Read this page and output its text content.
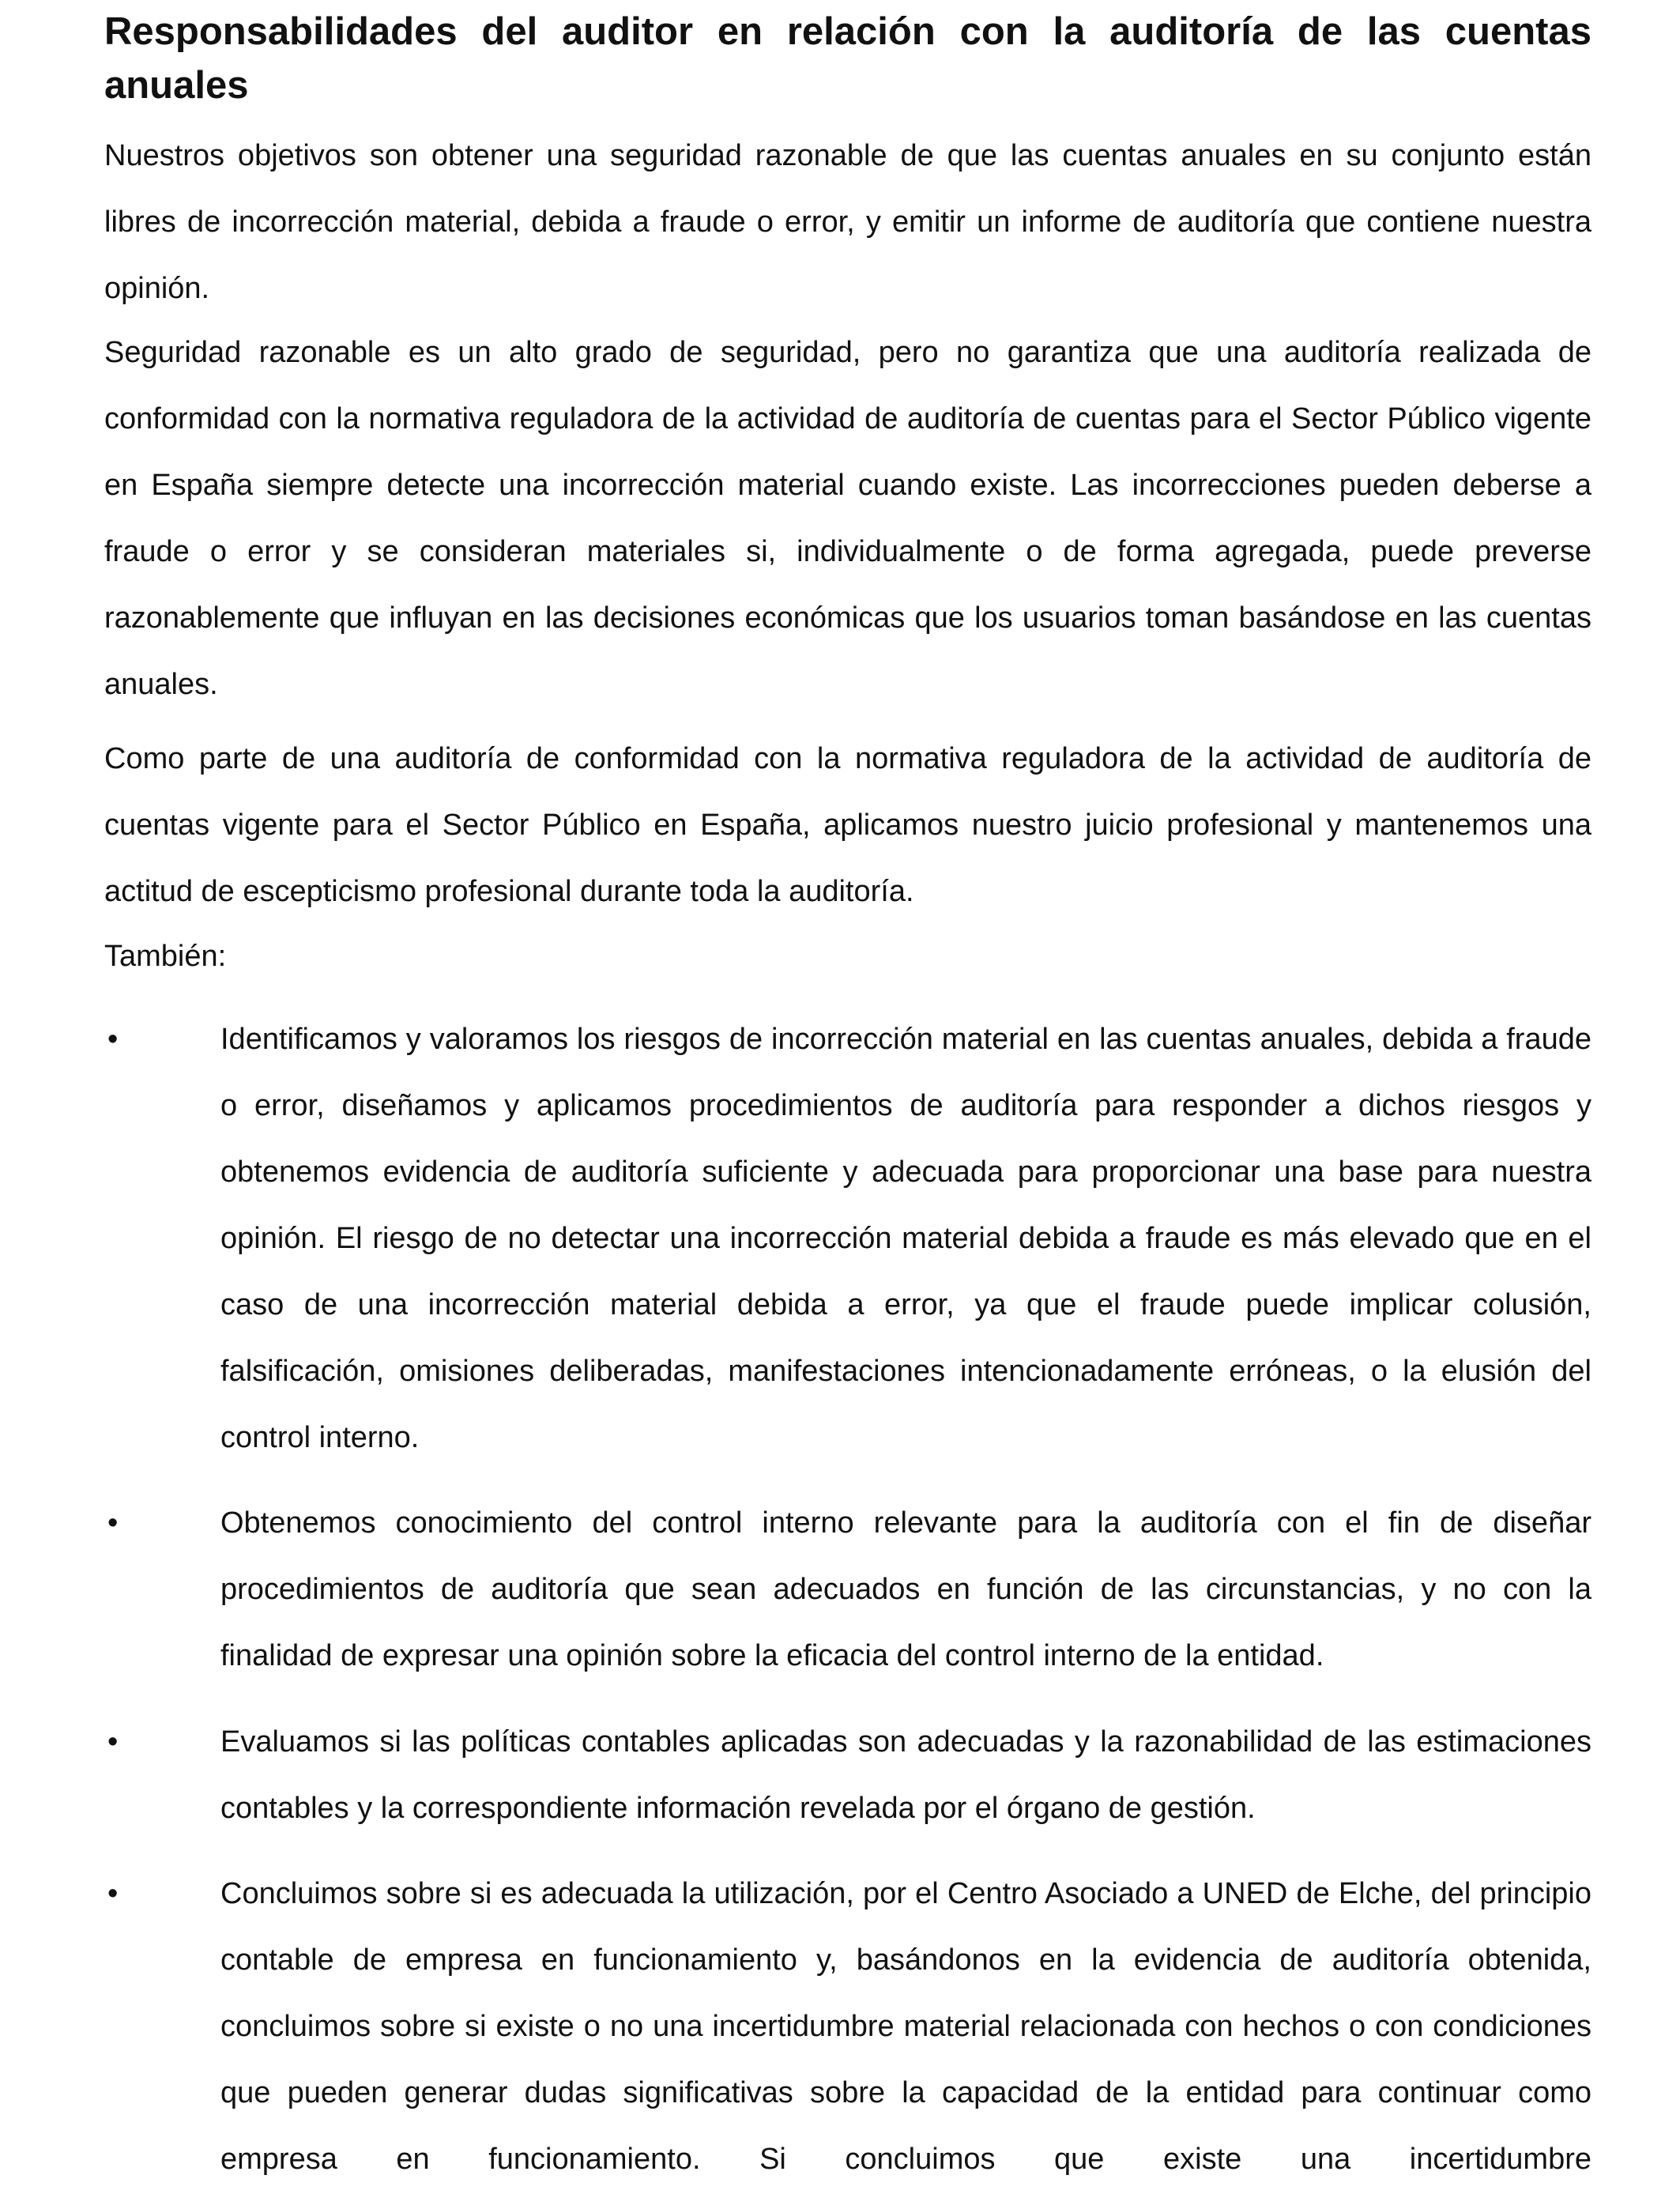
Responsabilidades del auditor en relación con la auditoría de las cuentas anuales

Nuestros objetivos son obtener una seguridad razonable de que las cuentas anuales en su conjunto están libres de incorrección material, debida a fraude o error, y emitir un informe de auditoría que contiene nuestra opinión.

Seguridad razonable es un alto grado de seguridad, pero no garantiza que una auditoría realizada de conformidad con la normativa reguladora de la actividad de auditoría de cuentas para el Sector Público vigente en España siempre detecte una incorrección material cuando existe. Las incorrecciones pueden deberse a fraude o error y se consideran materiales si, individualmente o de forma agregada, puede preverse razonablemente que influyan en las decisiones económicas que los usuarios toman basándose en las cuentas anuales.

Como parte de una auditoría de conformidad con la normativa reguladora de la actividad de auditoría de cuentas vigente para el Sector Público en España, aplicamos nuestro juicio profesional y mantenemos una actitud de escepticismo profesional durante toda la auditoría.

También:

•	Identificamos y valoramos los riesgos de incorrección material en las cuentas anuales, debida a fraude o error, diseñamos y aplicamos procedimientos de auditoría para responder a dichos riesgos y obtenemos evidencia de auditoría suficiente y adecuada para proporcionar una base para nuestra opinión. El riesgo de no detectar una incorrección material debida a fraude es más elevado que en el caso de una incorrección material debida a error, ya que el fraude puede implicar colusión, falsificación, omisiones deliberadas, manifestaciones intencionadamente erróneas, o la elusión del control interno.

•	Obtenemos conocimiento del control interno relevante para la auditoría con el fin de diseñar procedimientos de auditoría que sean adecuados en función de las circunstancias, y no con la finalidad de expresar una opinión sobre la eficacia del control interno de la entidad.

•	Evaluamos si las políticas contables aplicadas son adecuadas y la razonabilidad de las estimaciones contables y la correspondiente información revelada por el órgano de gestión.

•	Concluimos sobre si es adecuada la utilización, por el Centro Asociado a UNED de Elche, del principio contable de empresa en funcionamiento y, basándonos en la evidencia de auditoría obtenida, concluimos sobre si existe o no una incertidumbre material relacionada con hechos o con condiciones que pueden generar dudas significativas sobre la capacidad de la entidad para continuar como empresa en funcionamiento. Si concluimos que existe una incertidumbre
